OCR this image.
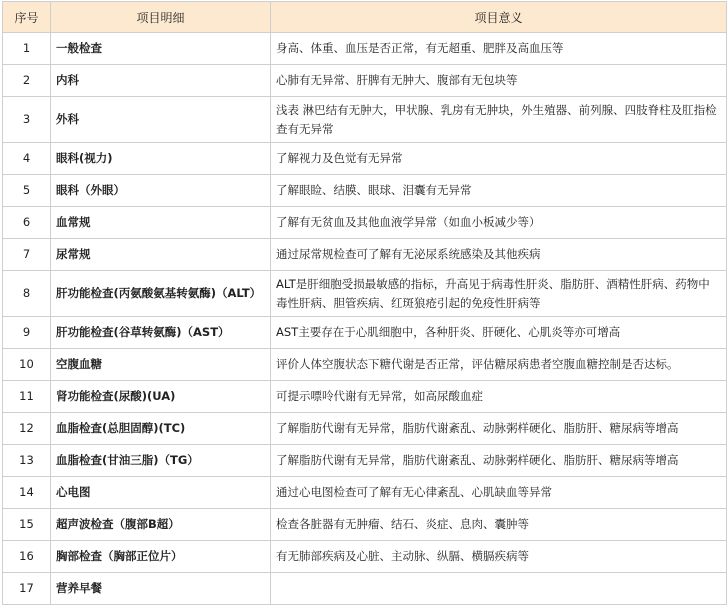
序号	项目明细	项目意义
1	一般检查	身高、体重、血压是否正常，有无超重、肥胖及高血压等
2	内科	心肺有无异常、肝脾有无肿大、腹部有无包块等
3	外科	浅表 淋巴结有无肿大，甲状腺、乳房有无肿块，外生殖器、前列腺、四肢脊柱及肛指检查有无异常
4	眼科(视力)	了解视力及色觉有无异常
5	眼科（外眼）	了解眼睑、结膜、眼球、泪囊有无异常
6	血常规	了解有无贫血及其他血液学异常（如血小板减少等）
7	尿常规	通过尿常规检查可了解有无泌尿系统感染及其他疾病
8	肝功能检查(丙氨酸氨基转氨酶)（ALT）	ALT是肝细胞受损最敏感的指标，升高见于病毒性肝炎、脂肪肝、酒精性肝病、药物中毒性肝病、胆管疾病、红斑狼疮引起的免疫性肝病等
9	肝功能检查(谷草转氨酶)（AST）	AST主要存在于心肌细胞中，各种肝炎、肝硬化、心肌炎等亦可增高
10	空腹血糖	评价人体空腹状态下糖代谢是否正常，评估糖尿病患者空腹血糖控制是否达标。
11	肾功能检查(尿酸)(UA)	可提示嘌呤代谢有无异常，如高尿酸血症
12	血脂检查(总胆固醇)(TC)	了解脂肪代谢有无异常，脂肪代谢紊乱、动脉粥样硬化、脂肪肝、糖尿病等增高
13	血脂检查(甘油三脂)（TG）	了解脂肪代谢有无异常，脂肪代谢紊乱、动脉粥样硬化、脂肪肝、糖尿病等增高
14	心电图	通过心电图检查可了解有无心律紊乱、心肌缺血等异常
15	超声波检查（腹部B超）	检查各脏器有无肿瘤、结石、炎症、息肉、囊肿等
16	胸部检查（胸部正位片）	有无肺部疾病及心脏、主动脉、纵膈、横膈疾病等
17	营养早餐	
